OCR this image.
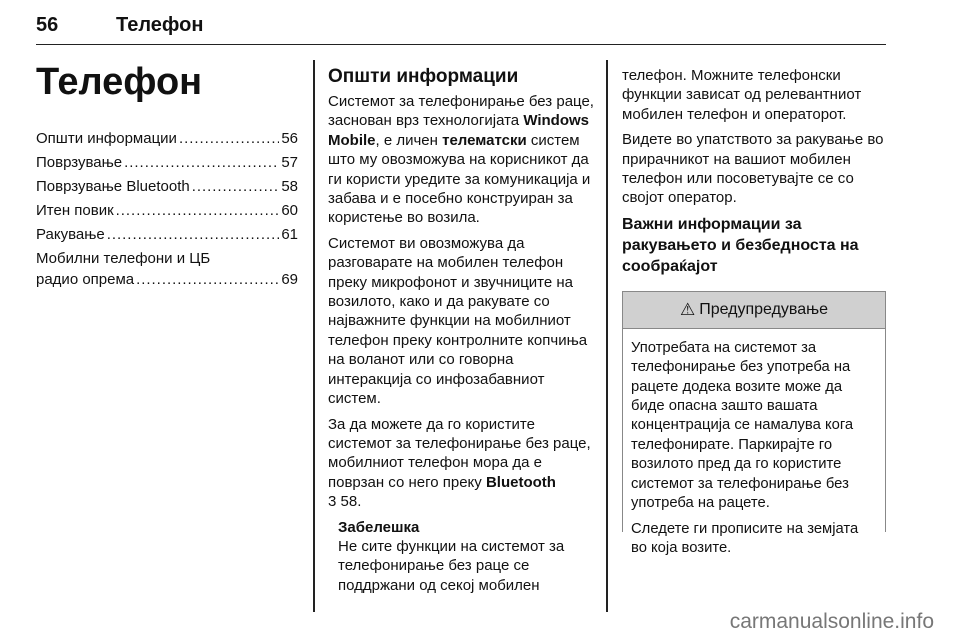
56	Телефон
Телефон
Општи информации . . .	56
Поврзување . . .	57
Поврзување Bluetooth . . .	58
Итен повик . . .	60
Ракување . . .	61
Мобилни телефони и ЦБ
радио опрема . . .	69
Општи информации

Системот за телефонирање без раце, заснован врз технологијата Windows Mobile, е личен телематски систем што му овозможува на корисникот да ги користи уредите за комуникација и забава и е посебно конструиран за користење во возила.

Системот ви овозможува да разговарате на мобилен телефон преку микрофонот и звучниците на возилото, како и да ракувате со најважните функции на мобилниот телефон преку контролните копчиња на воланот или со говорна интеракција со инфозабавниот систем.

За да можете да го користите системот за телефонирање без раце, мобилниот телефон мора да е поврзан со него преку Bluetooth
3 58.

Забелешка

Не сите функции на системот за телефонирање без раце се поддржани од секој мобилен

телефон. Можните телефонски функции зависат од релевантниот мобилен телефон и операторот.

Видете во упатството за ракување во прирачникот на вашиот мобилен телефон или посоветувајте се со својот оператор.

Важни информации за ракувањето и безбедноста на сообраќајот
⚠ Предупредување

Употребата на системот за телефонирање без употреба на рацете додека возите може да биде опасна зашто вашата концентрација се намалува кога телефонирате. Паркирајте го возилото пред да го користите системот за телефонирање без употреба на рацете.

Следете ги прописите на земјата во која возите.

carmanualsonline.info
